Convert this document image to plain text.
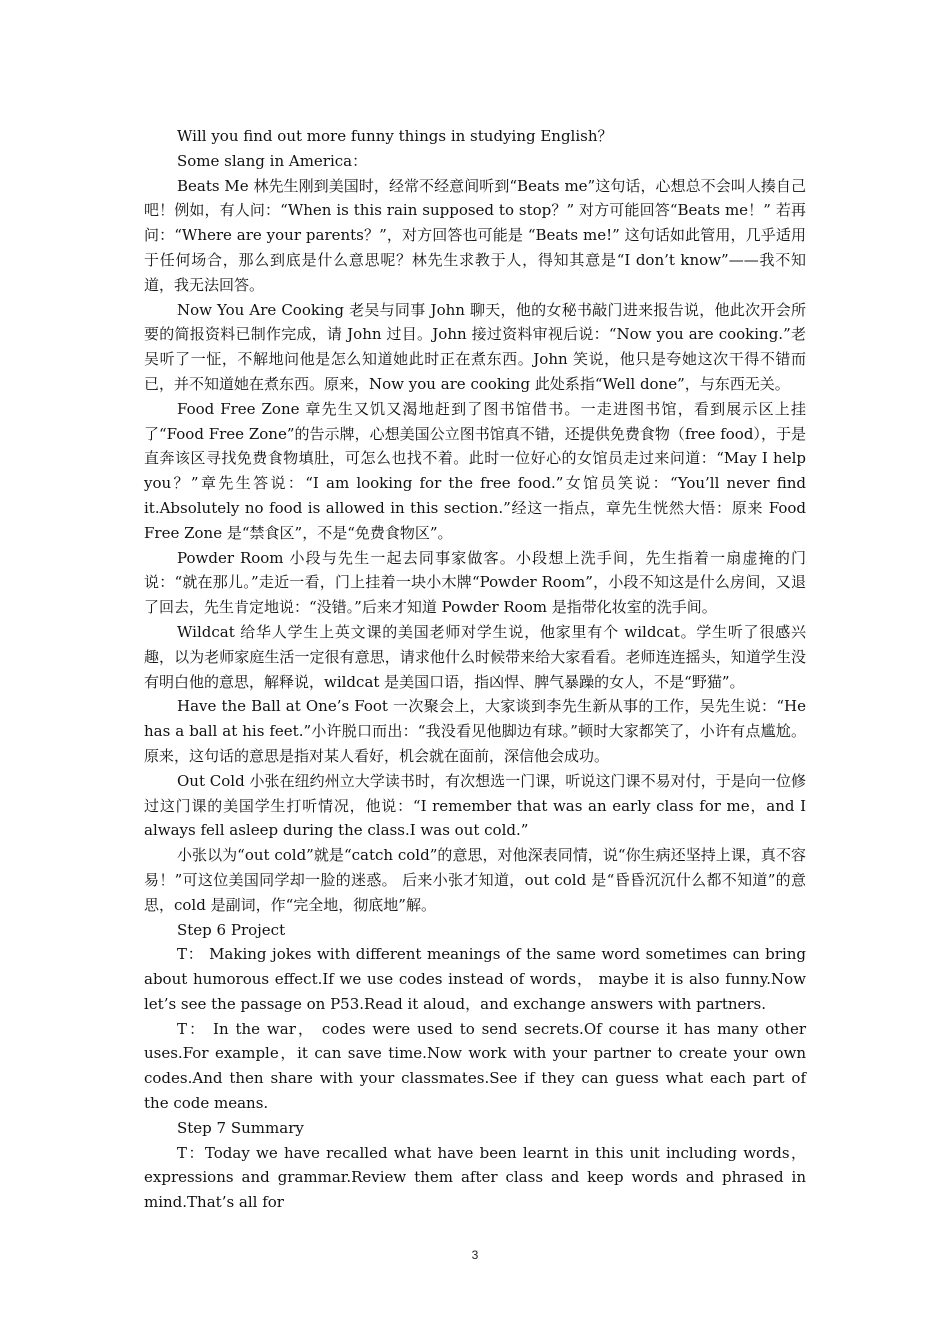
Will you find out more funny things in studying English？

Some slang in America：

Beats Me 林先生刚到美国时，经常不经意间听到“Beats me”这句话，心想总不会叫人揍自己吧！例如，有人问：“When is this rain supposed to stop？” 对方可能回答“Beats me！” 若再问：“Where are your parents？”，对方回答也可能是 “Beats me!” 这句话如此管用，几乎适用于任何场合，那么到底是什么意思呢？林先生求教于人，得知其意是“I don’t know”——我不知道，我无法回答。

Now You Are Cooking 老吴与同事 John 聊天，他的女秘书敲门进来报告说，他此次开会所要的简报资料已制作完成，请 John 过目。John 接过资料审视后说：“Now you are cooking.”老吴听了一怔，不解地问他是怎么知道她此时正在煮东西。John 笑说，他只是夸她这次干得不错而已，并不知道她在煮东西。原来，Now you are cooking 此处系指“Well done”，与东西无关。

Food Free Zone 章先生又饥又渴地赶到了图书馆借书。一走进图书馆，看到展示区上挂了“Food Free Zone”的告示牌，心想美国公立图书馆真不错，还提供免费食物（free food），于是直奔该区寻找免费食物填肚，可怎么也找不着。此时一位好心的女馆员走过来问道：“May I help you？”章先生答说：“I am looking for the free food.”女馆员笑说：“You’ll never find it.Absolutely no food is allowed in this section.”经这一指点，章先生恍然大悟：原来 Food Free Zone 是“禁食区”，不是“免费食物区”。

Powder Room 小段与先生一起去同事家做客。小段想上洗手间，先生指着一扇虚掩的门说：“就在那儿。”走近一看，门上挂着一块小木牌“Powder Room”，小段不知这是什么房间，又退了回去，先生肯定地说：“没错。”后来才知道 Powder Room 是指带化妆室的洗手间。

Wildcat 给华人学生上英文课的美国老师对学生说，他家里有个 wildcat。学生听了很感兴趣，以为老师家庭生活一定很有意思，请求他什么时候带来给大家看看。老师连连摇头，知道学生没有明白他的意思，解释说，wildcat 是美国口语，指凶悍、脾气暴躁的女人，不是“野猫”。

Have the Ball at One’s Foot 一次聚会上，大家谈到李先生新从事的工作，吴先生说：“He has a ball at his feet.”小许脱口而出：“我没看见他脚边有球。”顿时大家都笑了，小许有点尴尬。 原来，这句话的意思是指对某人看好，机会就在面前，深信他会成功。

Out Cold 小张在纽约州立大学读书时，有次想选一门课，听说这门课不易对付，于是向一位修过这门课的美国学生打听情况，他说：“I remember that was an early class for me，and I always fell asleep during the class.I was out cold.”

小张以为“out cold”就是“catch cold”的意思，对他深表同情，说“你生病还坚持上课，真不容易！”可这位美国同学却一脸的迷惑。 后来小张才知道，out cold 是“昏昏沉沉什么都不知道”的意思，cold 是副词，作“完全地，彻底地”解。

Step 6 Project

T： Making jokes with different meanings of the same word sometimes can bring about humorous effect.If we use codes instead of words， maybe it is also funny.Now let’s see the passage on P53.Read it aloud，and exchange answers with partners.

T： In the war， codes were used to send secrets.Of course it has many other uses.For example，it can save time.Now work with your partner to create your own codes.And then share with your classmates.See if they can guess what each part of the code means.

Step 7 Summary

T：Today we have recalled what have been learnt in this unit including words， expressions and grammar.Review them after class and keep words and phrased in mind.That’s all for

3
